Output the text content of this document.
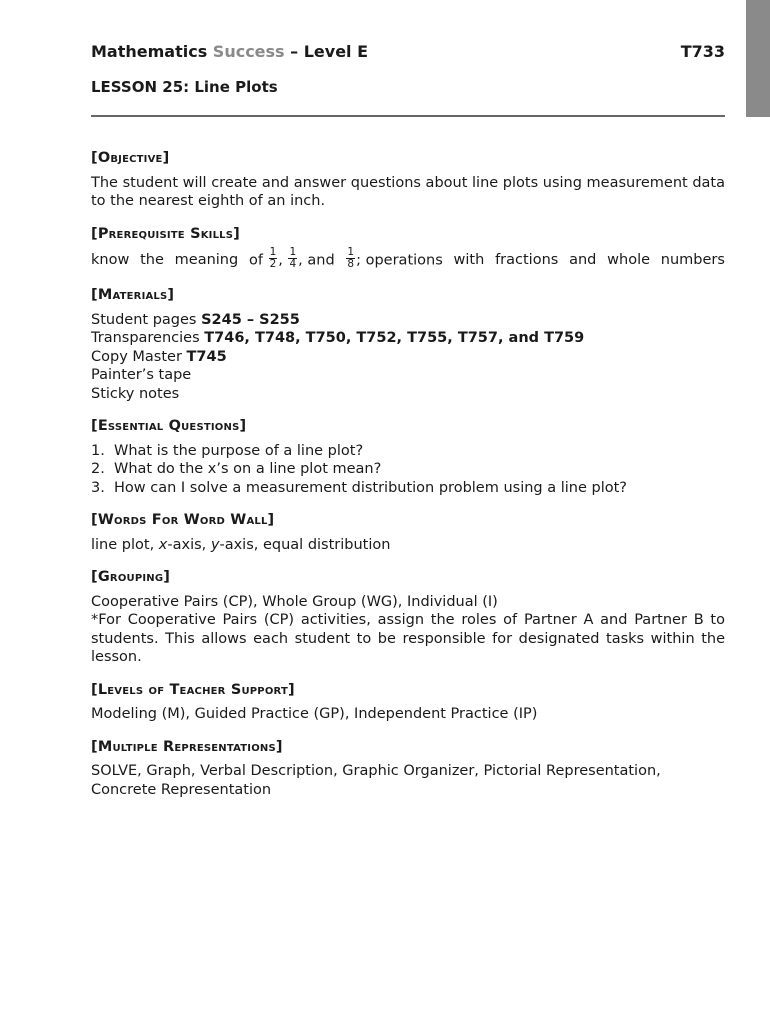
Mathematics Success – Level E	T733
LESSON 25: Line Plots
[Objective]
The student will create and answer questions about line plots using measurement data to the nearest eighth of an inch.
[Prerequisite Skills]
know the meaning of $\frac{1}{2}$ , $\frac{1}{4}$ , and $\frac{1}{8}$ ; operations with fractions and whole numbers
[Materials]
Student pages S245 – S255
Transparencies T746, T748, T750, T752, T755, T757, and T759
Copy Master T745
Painter’s tape
Sticky notes
[Essential Questions]
1. What is the purpose of a line plot?
2. What do the x’s on a line plot mean?
3. How can I solve a measurement distribution problem using a line plot?
[Words For Word Wall]
line plot, x-axis, y-axis, equal distribution
[Grouping]
Cooperative Pairs (CP), Whole Group (WG), Individual (I)
*For Cooperative Pairs (CP) activities, assign the roles of Partner A and Partner B to students. This allows each student to be responsible for designated tasks within the lesson.
[Levels of Teacher Support]
Modeling (M), Guided Practice (GP), Independent Practice (IP)
[Multiple Representations]
SOLVE, Graph, Verbal Description, Graphic Organizer, Pictorial Representation, Concrete Representation
